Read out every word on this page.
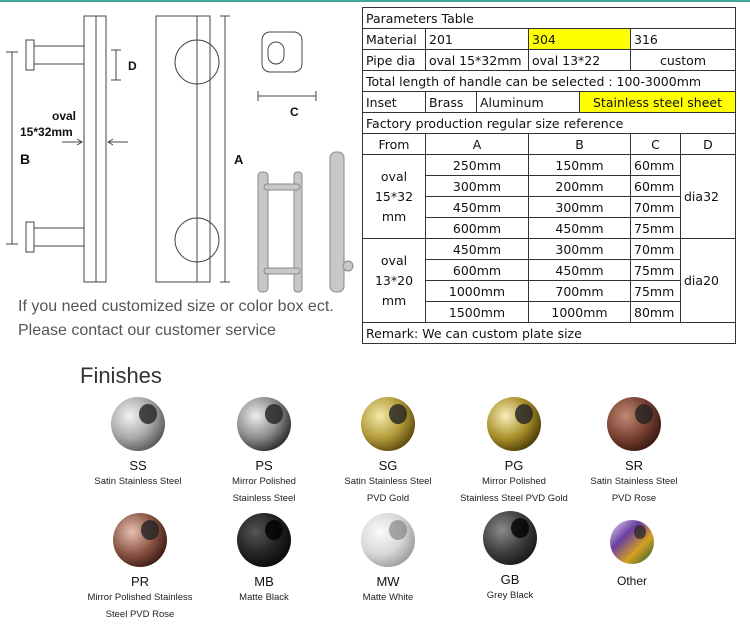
D
oval
15*32mm
B	A
C
If you need customized size or color box ect.
Please contact our customer service
Parameters Table						
Material	201		304		316	
Pipe dia	oval 15*32mm		oval 13*22		custom	
Total length of handle can be selected : 100-3000mm						
Inset	Brass	Aluminum		Stainless steel sheet		
Factory production regular size reference						
From	A		B		C	D
oval
15*32
mm	250mm		150mm		60mm	dia32
	300mm		200mm		60mm	
	450mm		300mm		70mm	
	600mm		450mm		75mm	
oval
13*20
mm	450mm		300mm		70mm	dia20
	600mm		450mm		75mm	
	1000mm		700mm		75mm	
	1500mm		1000mm		80mm	
Remark: We can custom plate size						
Finishes
SS
Satin Stainless Steel
PS
Mirror Polished
Stainless Steel
SG
Satin Stainless Steel
PVD Gold
PG
Mirror Polished
Stainless Steel PVD Gold
SR
Satin Stainless Steel
PVD Rose
PR
Mirror Polished Stainless
Steel PVD Rose
MB
Matte Black
MW
Matte White
GB
Grey Black
Other
